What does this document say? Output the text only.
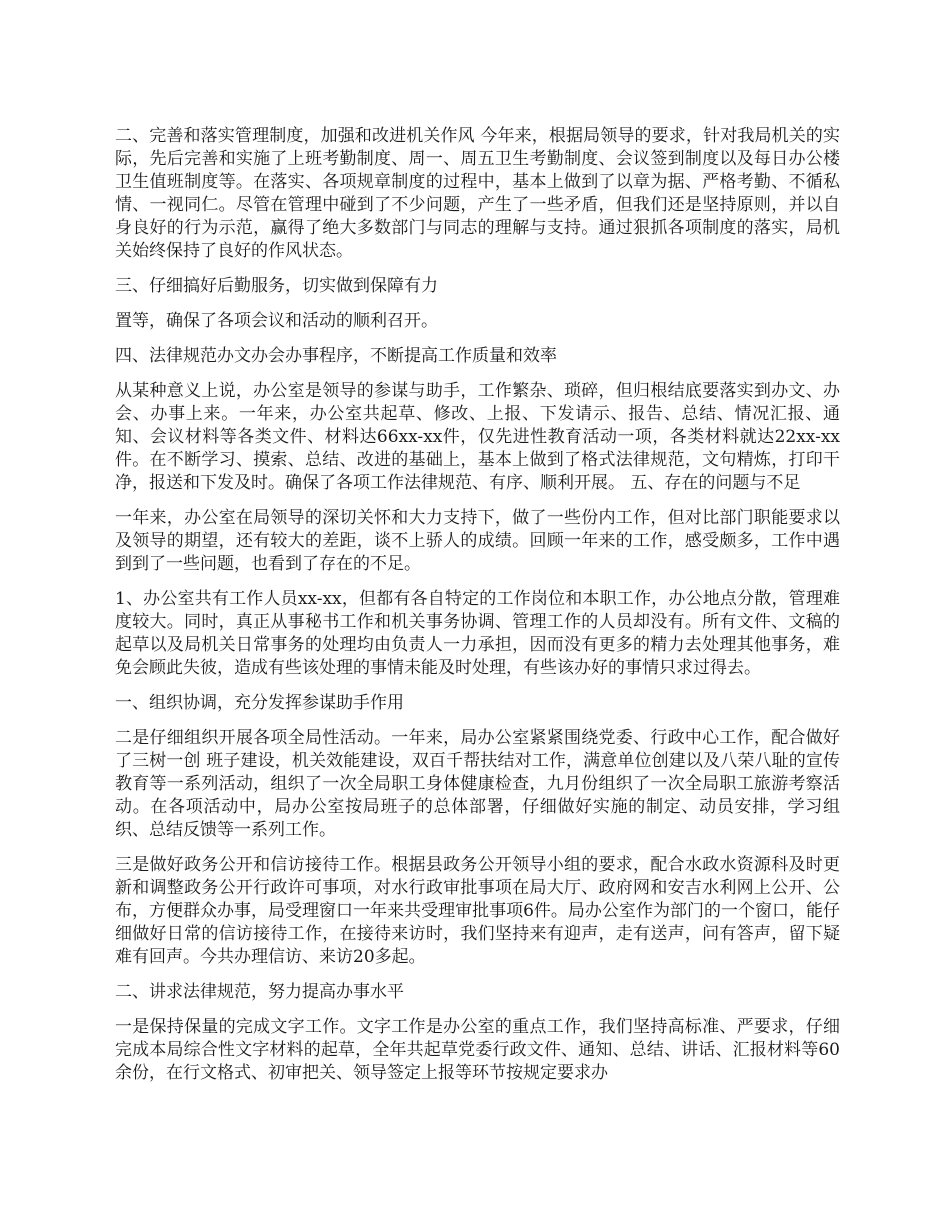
二、完善和落实管理制度，加强和改进机关作风 今年来，根据局领导的要求，针对我局机关的实际，先后完善和实施了上班考勤制度、周一、周五卫生考勤制度、会议签到制度以及每日办公楼卫生值班制度等。在落实、各项规章制度的过程中，基本上做到了以章为据、严格考勤、不循私情、一视同仁。尽管在管理中碰到了不少问题，产生了一些矛盾，但我们还是坚持原则，并以自身良好的行为示范，赢得了绝大多数部门与同志的理解与支持。通过狠抓各项制度的落实，局机关始终保持了良好的作风状态。

三、仔细搞好后勤服务，切实做到保障有力

置等，确保了各项会议和活动的顺利召开。

四、法律规范办文办会办事程序，不断提高工作质量和效率

从某种意义上说，办公室是领导的参谋与助手，工作繁杂、琐碎，但归根结底要落实到办文、办会、办事上来。一年来，办公室共起草、修改、上报、下发请示、报告、总结、情况汇报、通知、会议材料等各类文件、材料达66xx-xx件，仅先进性教育活动一项，各类材料就达22xx-xx件。在不断学习、摸索、总结、改进的基础上，基本上做到了格式法律规范，文句精炼，打印干净，报送和下发及时。确保了各项工作法律规范、有序、顺利开展。 五、存在的问题与不足

一年来，办公室在局领导的深切关怀和大力支持下，做了一些份内工作，但对比部门职能要求以及领导的期望，还有较大的差距，谈不上骄人的成绩。回顾一年来的工作，感受颇多，工作中遇到到了一些问题，也看到了存在的不足。

1、办公室共有工作人员xx-xx，但都有各自特定的工作岗位和本职工作，办公地点分散，管理难度较大。同时，真正从事秘书工作和机关事务协调、管理工作的人员却没有。所有文件、文稿的起草以及局机关日常事务的处理均由负责人一力承担，因而没有更多的精力去处理其他事务，难免会顾此失彼，造成有些该处理的事情未能及时处理，有些该办好的事情只求过得去。

一、组织协调，充分发挥参谋助手作用

二是仔细组织开展各项全局性活动。一年来，局办公室紧紧围绕党委、行政中心工作，配合做好了三树一创 班子建设，机关效能建设，双百千帮扶结对工作，满意单位创建以及八荣八耻的宣传教育等一系列活动，组织了一次全局职工身体健康检查，九月份组织了一次全局职工旅游考察活动。在各项活动中，局办公室按局班子的总体部署，仔细做好实施的制定、动员安排，学习组织、总结反馈等一系列工作。

三是做好政务公开和信访接待工作。根据县政务公开领导小组的要求，配合水政水资源科及时更新和调整政务公开行政许可事项，对水行政审批事项在局大厅、政府网和安吉水利网上公开、公布，方便群众办事，局受理窗口一年来共受理审批事项6件。局办公室作为部门的一个窗口，能仔细做好日常的信访接待工作，在接待来访时，我们坚持来有迎声，走有送声，问有答声，留下疑难有回声。今共办理信访、来访20多起。

二、讲求法律规范，努力提高办事水平

一是保持保量的完成文字工作。文字工作是办公室的重点工作，我们坚持高标准、严要求，仔细完成本局综合性文字材料的起草，全年共起草党委行政文件、通知、总结、讲话、汇报材料等60余份，在行文格式、初审把关、领导签定上报等环节按规定要求办
